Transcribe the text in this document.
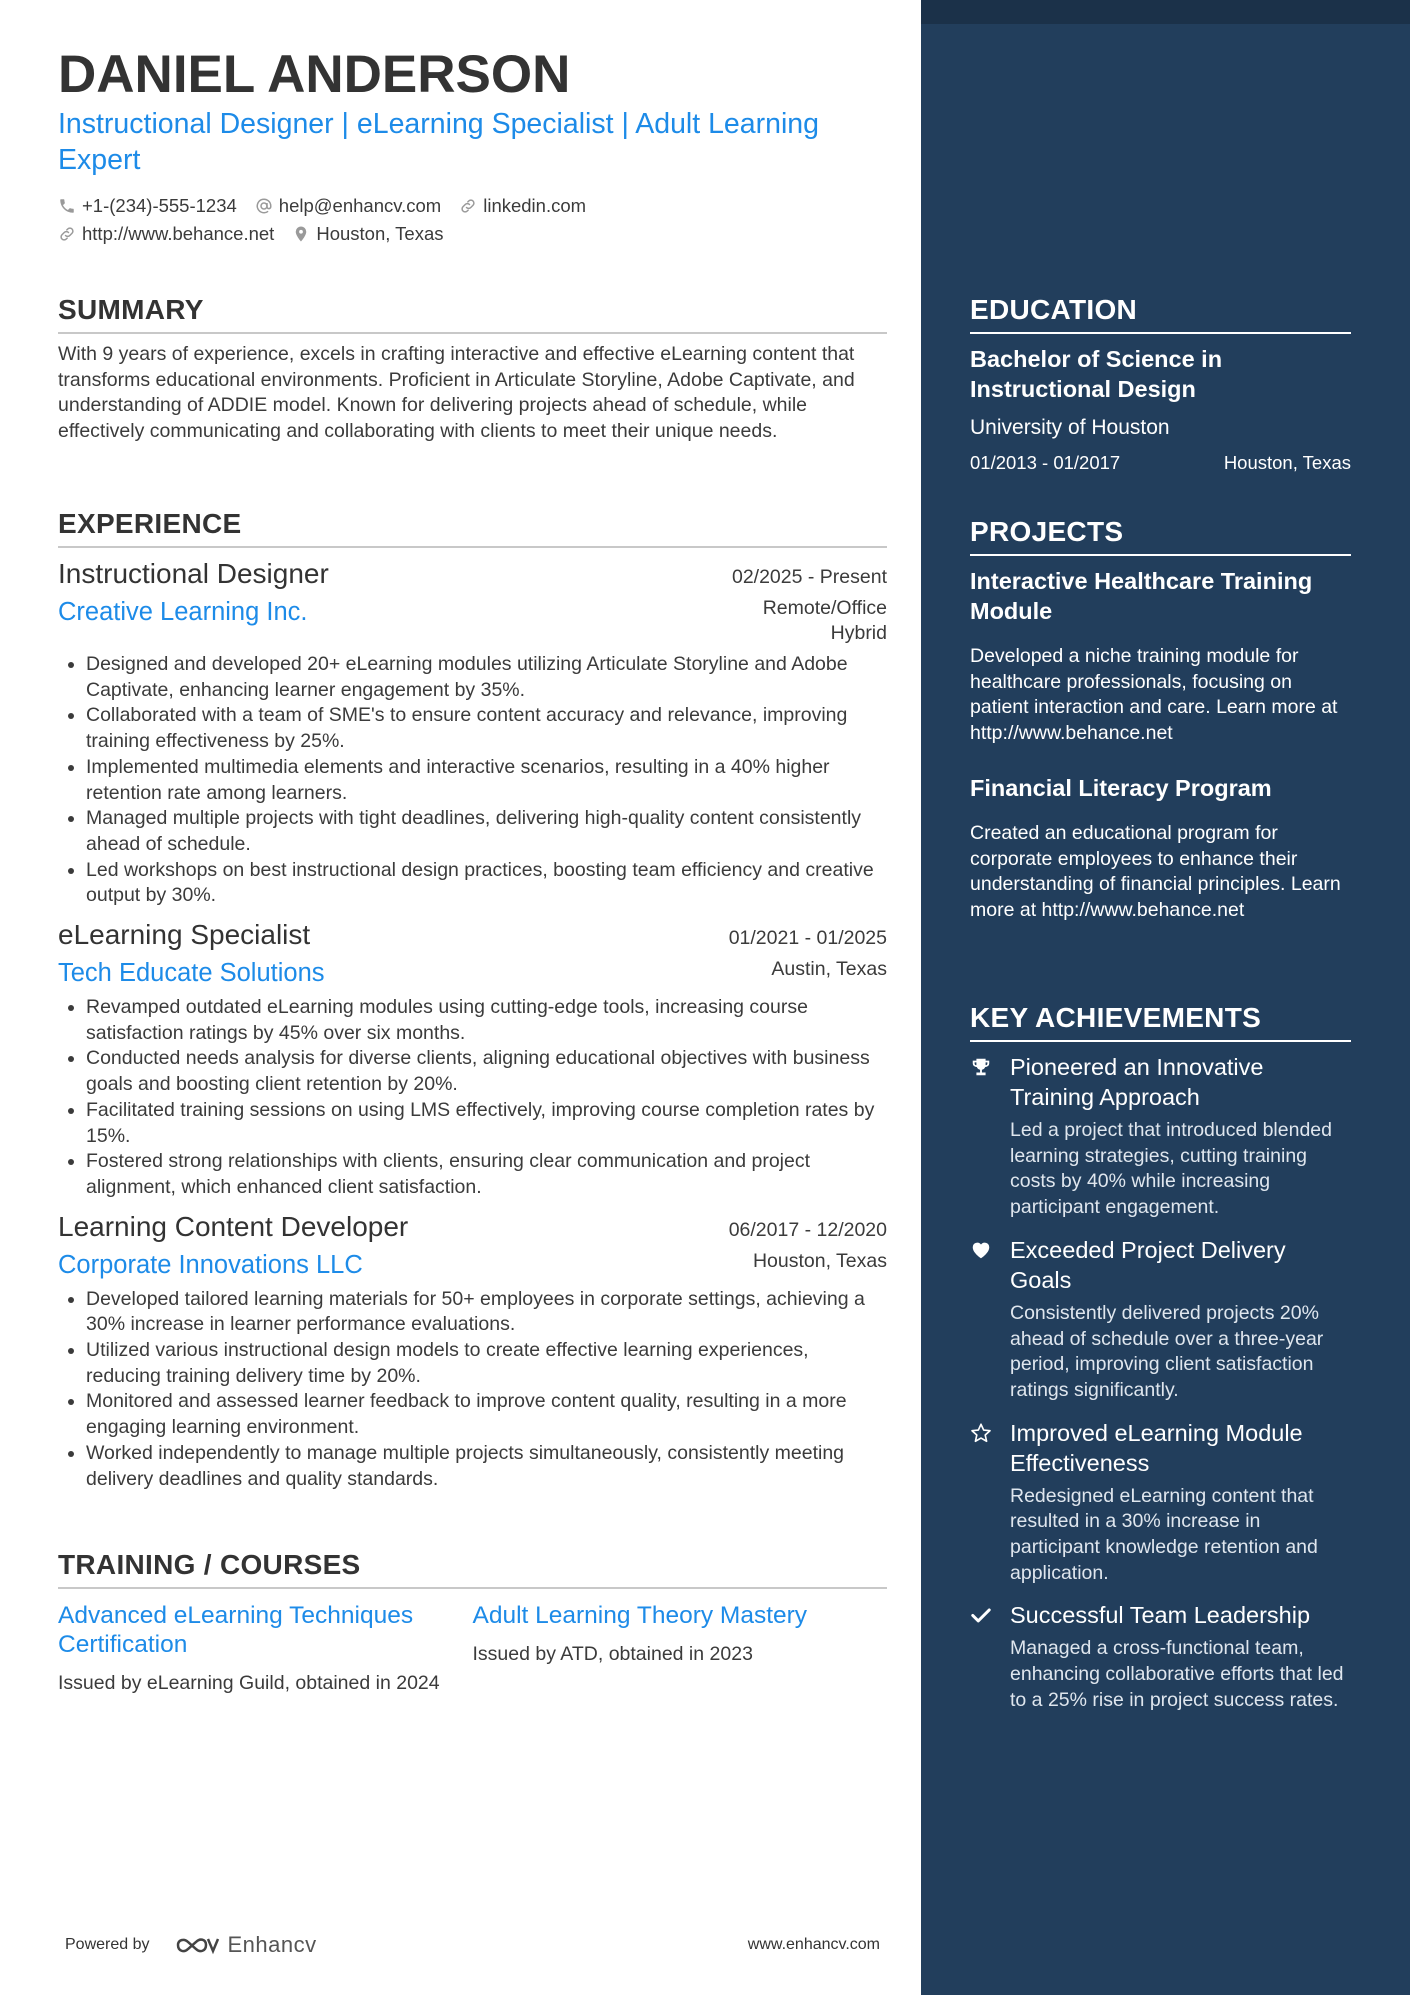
DANIEL ANDERSON
Instructional Designer | eLearning Specialist | Adult Learning Expert
+1-(234)-555-1234 help@enhancv.com linkedin.com
http://www.behance.net Houston, Texas
SUMMARY
With 9 years of experience, excels in crafting interactive and effective eLearning content that transforms educational environments. Proficient in Articulate Storyline, Adobe Captivate, and understanding of ADDIE model. Known for delivering projects ahead of schedule, while effectively communicating and collaborating with clients to meet their unique needs.
EXPERIENCE
Instructional Designer	02/2025 - Present
Creative Learning Inc.	Remote/Office
Hybrid
• Designed and developed 20+ eLearning modules utilizing Articulate Storyline and Adobe Captivate, enhancing learner engagement by 35%.
• Collaborated with a team of SME's to ensure content accuracy and relevance, improving training effectiveness by 25%.
• Implemented multimedia elements and interactive scenarios, resulting in a 40% higher retention rate among learners.
• Managed multiple projects with tight deadlines, delivering high-quality content consistently ahead of schedule.
• Led workshops on best instructional design practices, boosting team efficiency and creative output by 30%.
eLearning Specialist	01/2021 - 01/2025
Tech Educate Solutions	Austin, Texas
• Revamped outdated eLearning modules using cutting-edge tools, increasing course satisfaction ratings by 45% over six months.
• Conducted needs analysis for diverse clients, aligning educational objectives with business goals and boosting client retention by 20%.
• Facilitated training sessions on using LMS effectively, improving course completion rates by 15%.
• Fostered strong relationships with clients, ensuring clear communication and project alignment, which enhanced client satisfaction.
Learning Content Developer	06/2017 - 12/2020
Corporate Innovations LLC	Houston, Texas
• Developed tailored learning materials for 50+ employees in corporate settings, achieving a 30% increase in learner performance evaluations.
• Utilized various instructional design models to create effective learning experiences, reducing training delivery time by 20%.
• Monitored and assessed learner feedback to improve content quality, resulting in a more engaging learning environment.
• Worked independently to manage multiple projects simultaneously, consistently meeting delivery deadlines and quality standards.
TRAINING / COURSES
Advanced eLearning Techniques Certification
Issued by eLearning Guild, obtained in 2024
Adult Learning Theory Mastery
Issued by ATD, obtained in 2023
Powered by	Enhancv	www.enhancv.com
EDUCATION
Bachelor of Science in Instructional Design
University of Houston
01/2013 - 01/2017	Houston, Texas
PROJECTS
Interactive Healthcare Training Module
Developed a niche training module for healthcare professionals, focusing on patient interaction and care. Learn more at http://www.behance.net
Financial Literacy Program
Created an educational program for corporate employees to enhance their understanding of financial principles. Learn more at http://www.behance.net
KEY ACHIEVEMENTS
Pioneered an Innovative Training Approach
Led a project that introduced blended learning strategies, cutting training costs by 40% while increasing participant engagement.
Exceeded Project Delivery Goals
Consistently delivered projects 20% ahead of schedule over a three-year period, improving client satisfaction ratings significantly.
Improved eLearning Module Effectiveness
Redesigned eLearning content that resulted in a 30% increase in participant knowledge retention and application.
Successful Team Leadership
Managed a cross-functional team, enhancing collaborative efforts that led to a 25% rise in project success rates.
